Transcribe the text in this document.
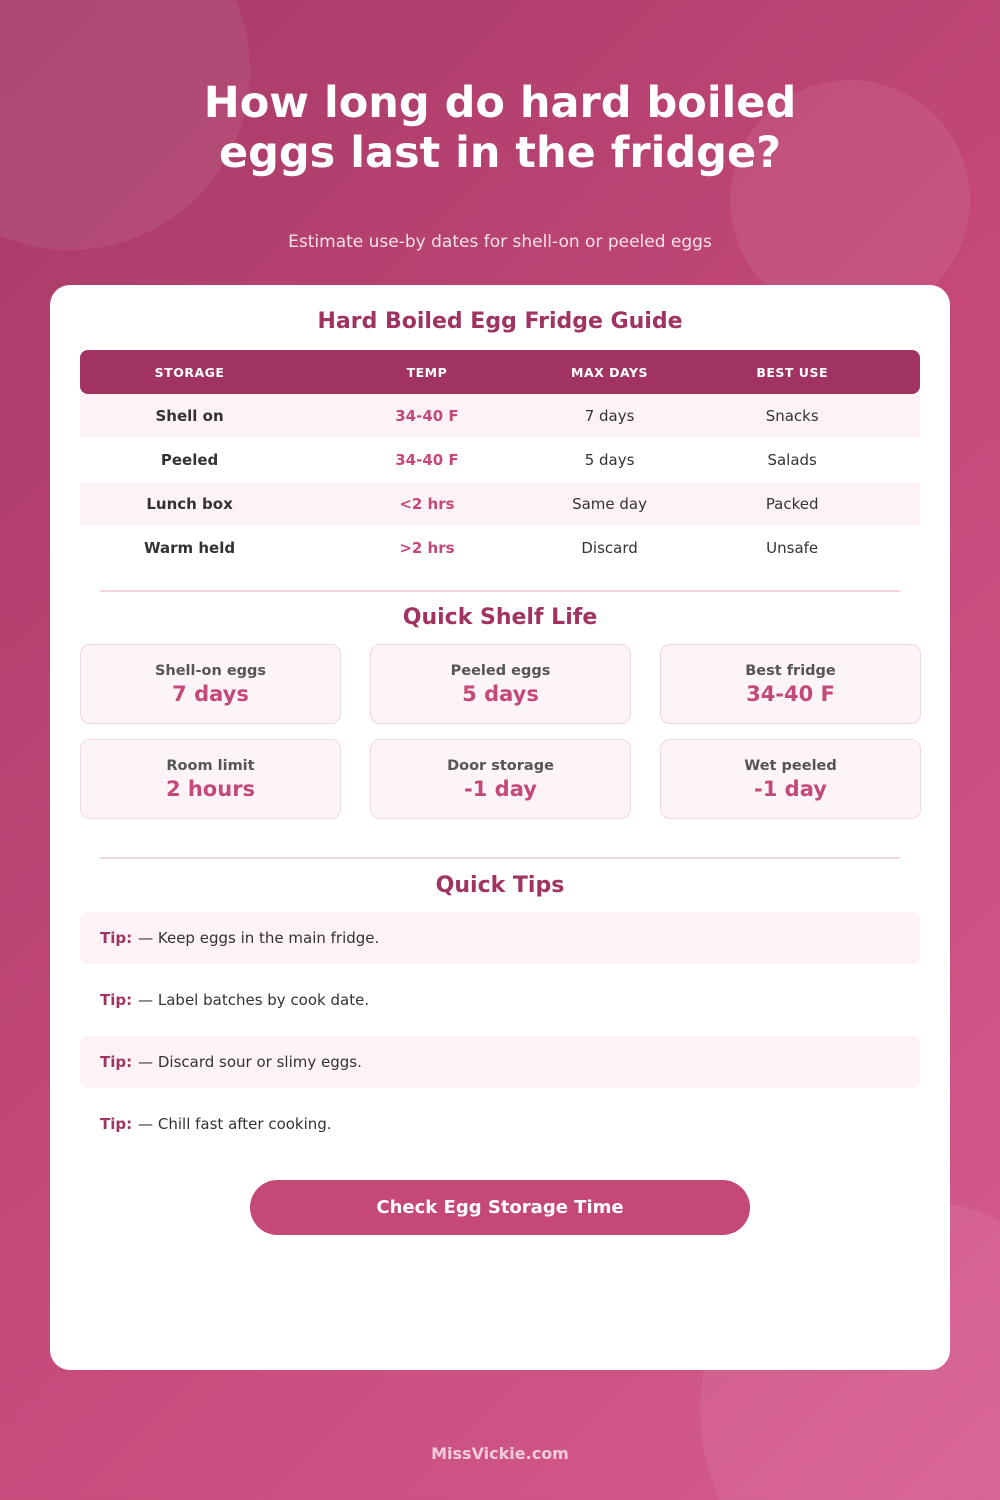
How long do hard boiled
eggs last in the fridge?

Estimate use-by dates for shell-on or peeled eggs

Hard Boiled Egg Fridge Guide
STORAGE	TEMP	MAX DAYS	BEST USE
Shell on	34-40 F	7 days	Snacks
Peeled	34-40 F	5 days	Salads
Lunch box	<2 hrs	Same day	Packed
Warm held	>2 hrs	Discard	Unsafe
Quick Shelf Life
Shell-on eggs
7 days
Peeled eggs
5 days
Best fridge
34-40 F
Room limit
2 hours
Door storage
-1 day
Wet peeled
-1 day
Quick Tips
Tip: — Keep eggs in the main fridge.
Tip: — Label batches by cook date.
Tip: — Discard sour or slimy eggs.
Tip: — Chill fast after cooking.
Check Egg Storage Time
MissVickie.com
